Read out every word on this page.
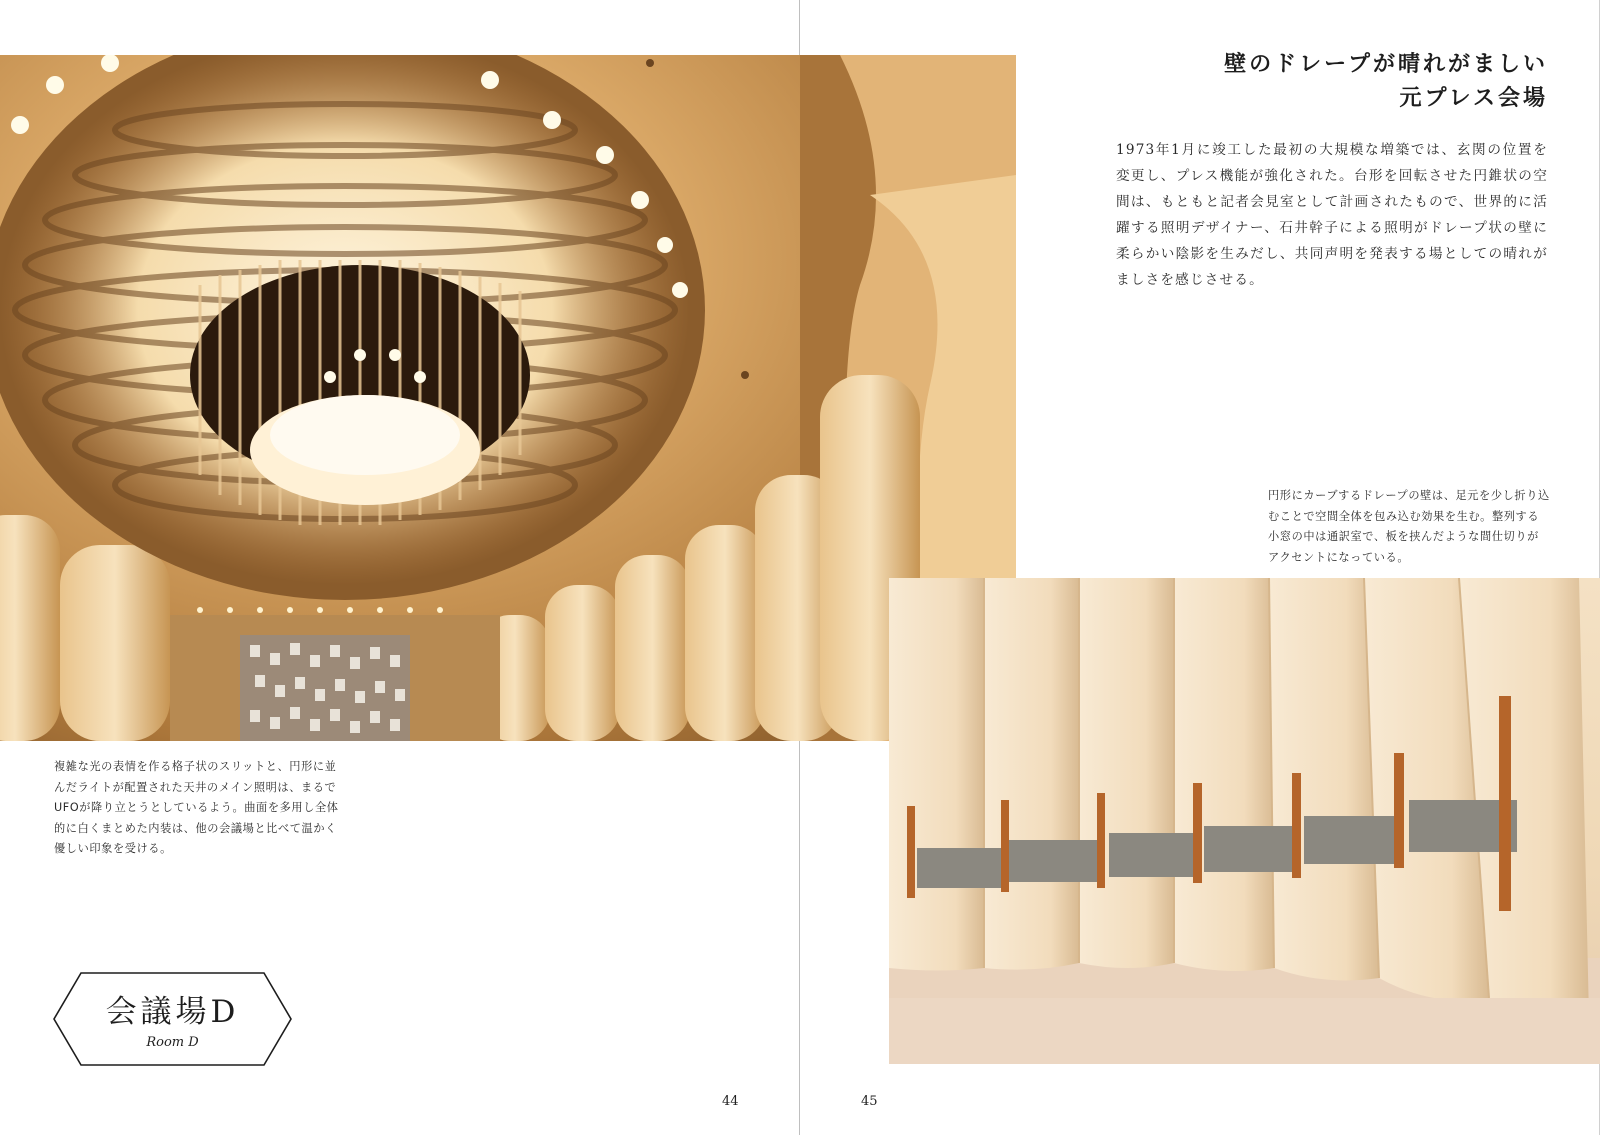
壁のドレープが晴れがましい
元プレス会場

1973年1月に竣工した最初の大規模な増築では、玄関の位置を変更し、プレス機能が強化された。台形を回転させた円錐状の空間は、もともと記者会見室として計画されたもので、世界的に活躍する照明デザイナー、石井幹子による照明がドレープ状の壁に柔らかい陰影を生みだし、共同声明を発表する場としての晴れがましさを感じさせる。

円形にカーブするドレープの壁は、足元を少し折り込むことで空間全体を包み込む効果を生む。整列する小窓の中は通訳室で、板を挟んだような間仕切りがアクセントになっている。

複雑な光の表情を作る格子状のスリットと、円形に並んだライトが配置された天井のメイン照明は、まるでUFOが降り立とうとしているよう。曲面を多用し全体的に白くまとめた内装は、他の会議場と比べて温かく優しい印象を受ける。

会議場D
Room D
44	45
